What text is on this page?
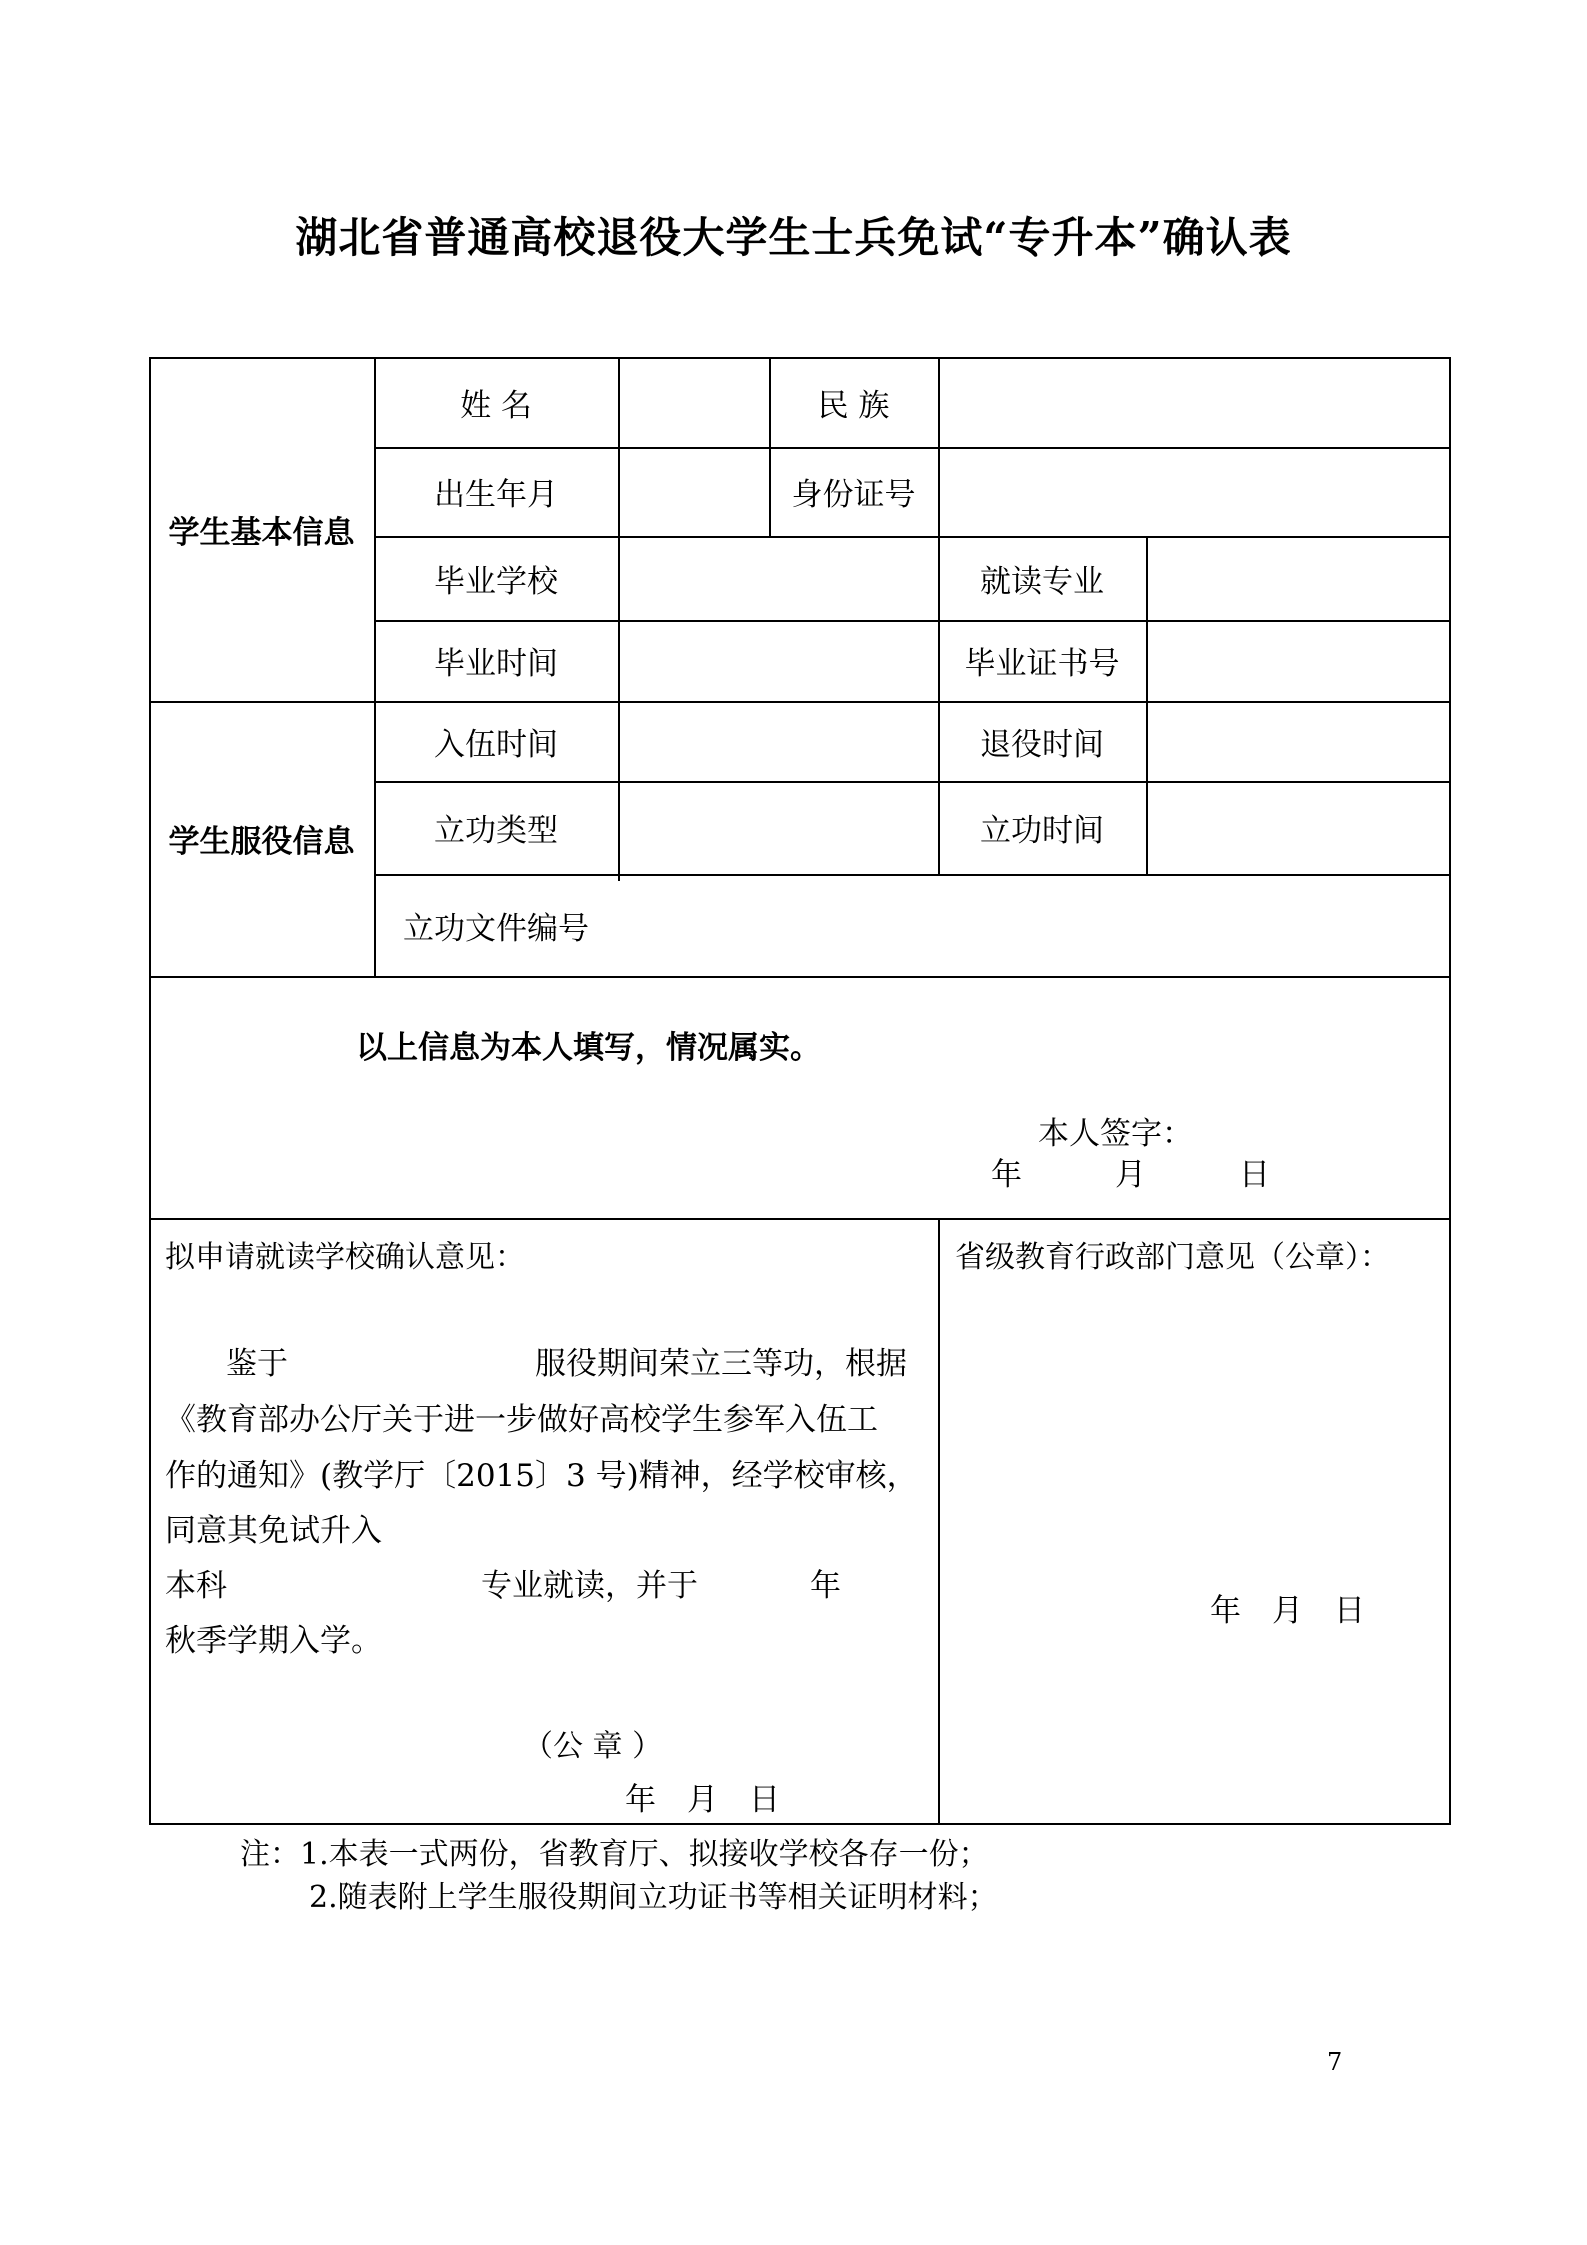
湖北省普通高校退役大学生士兵免试“专升本”确认表
学生基本信息
学生服役信息
姓 名	民 族
出生年月	身份证号
毕业学校	就读专业
毕业时间	毕业证书号
入伍时间	退役时间
立功类型	立功时间
立功文件编号
以上信息为本人填写，情况属实。
本人签字：
年　　　月　　　日
拟申请就读学校确认意见：
鉴于	服役期间荣立三等功，根据
《教育部办公厅关于进一步做好高校学生参军入伍工
作的通知》(教学厅〔2015〕3 号)精神，经学校审核，
同意其免试升入
本科	专业就读，并于	年
秋季学期入学。
（公 章 ）
年　月　日
省级教育行政部门意见（公章）：
年　月　日
注：1.本表一式两份，省教育厅、拟接收学校各存一份；
2.随表附上学生服役期间立功证书等相关证明材料；
7
